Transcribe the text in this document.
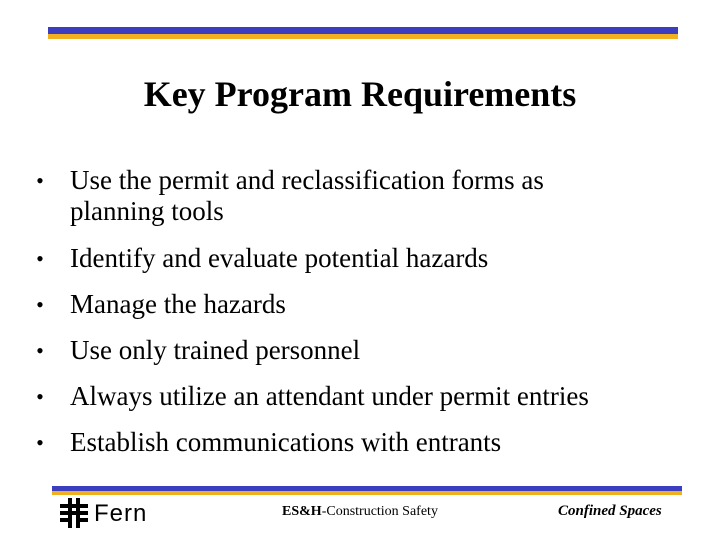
Key Program Requirements
• Use the permit and reclassification forms as
planning tools
• Identify and evaluate potential hazards
• Manage the hazards
• Use only trained personnel
• Always utilize an attendant under permit entries
• Establish communications with entrants
Fern	ES&H-Construction Safety	Confined Spaces
